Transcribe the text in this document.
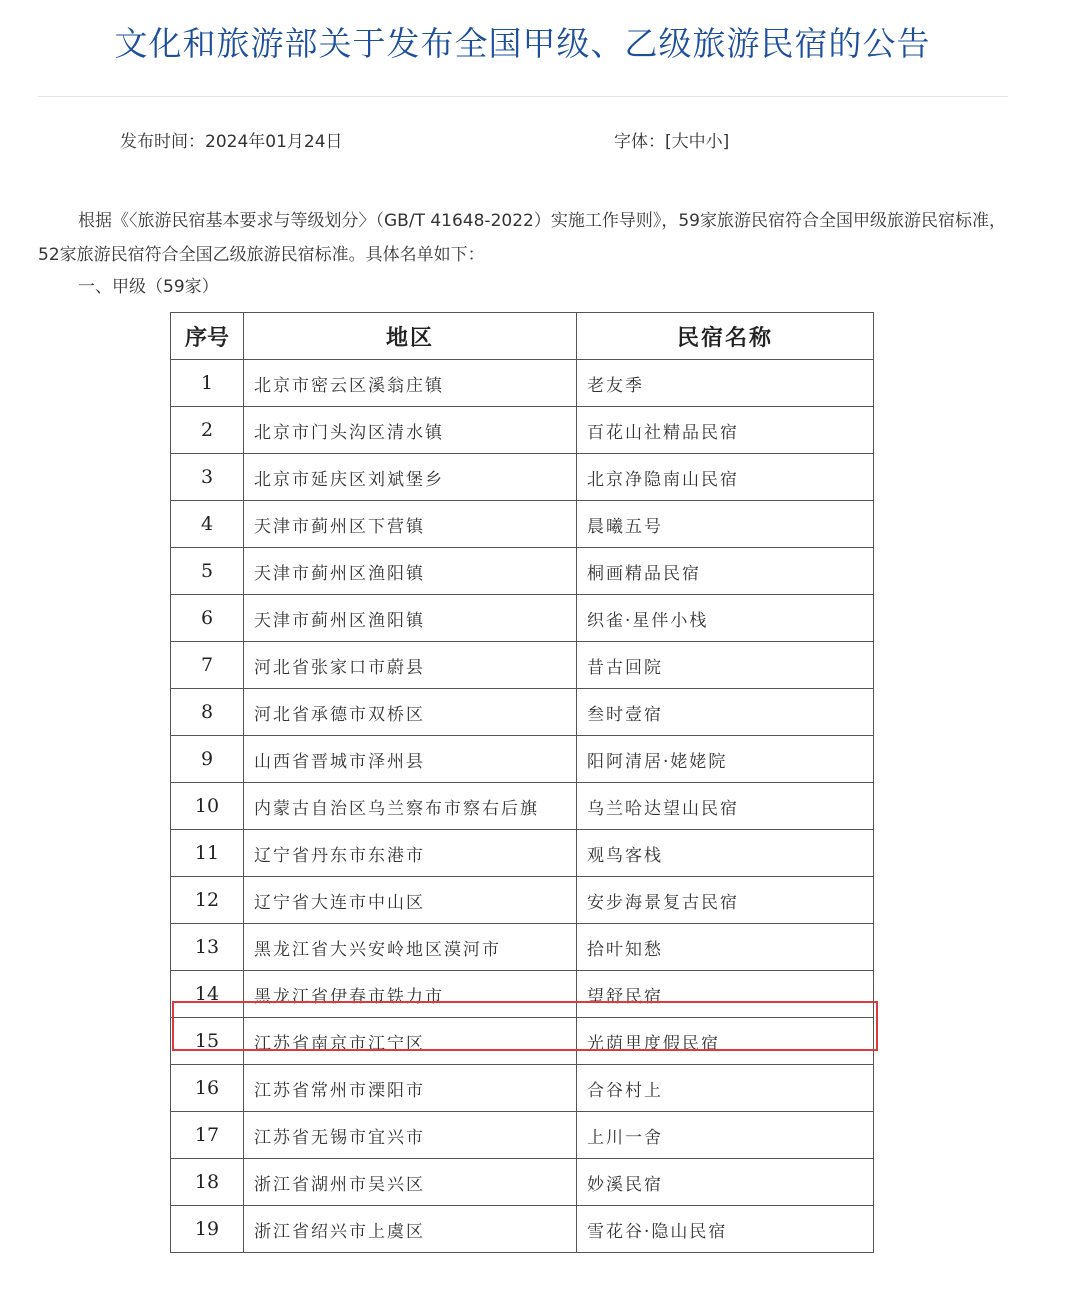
文化和旅游部关于发布全国甲级、乙级旅游民宿的公告
发布时间：2024年01月24日	字体：[大中小]
根据《〈旅游民宿基本要求与等级划分〉（GB/T 41648-2022）实施工作导则》，59家旅游民宿符合全国甲级旅游民宿标准，52家旅游民宿符合全国乙级旅游民宿标准。具体名单如下：
一、甲级（59家）
序号	地区	民宿名称
1	北京市密云区溪翁庄镇	老友季
2	北京市门头沟区清水镇	百花山社精品民宿
3	北京市延庆区刘斌堡乡	北京净隐南山民宿
4	天津市蓟州区下营镇	晨曦五号
5	天津市蓟州区渔阳镇	桐画精品民宿
6	天津市蓟州区渔阳镇	织雀·星伴小栈
7	河北省张家口市蔚县	昔古回院
8	河北省承德市双桥区	叁时壹宿
9	山西省晋城市泽州县	阳阿清居·姥姥院
10	内蒙古自治区乌兰察布市察右后旗	乌兰哈达望山民宿
11	辽宁省丹东市东港市	观鸟客栈
12	辽宁省大连市中山区	安步海景复古民宿
13	黑龙江省大兴安岭地区漠河市	拾叶知愁
14	黑龙江省伊春市铁力市	望舒民宿
15	江苏省南京市江宁区	光荫里度假民宿
16	江苏省常州市溧阳市	合谷村上
17	江苏省无锡市宜兴市	上川一舍
18	浙江省湖州市吴兴区	妙溪民宿
19	浙江省绍兴市上虞区	雪花谷·隐山民宿
